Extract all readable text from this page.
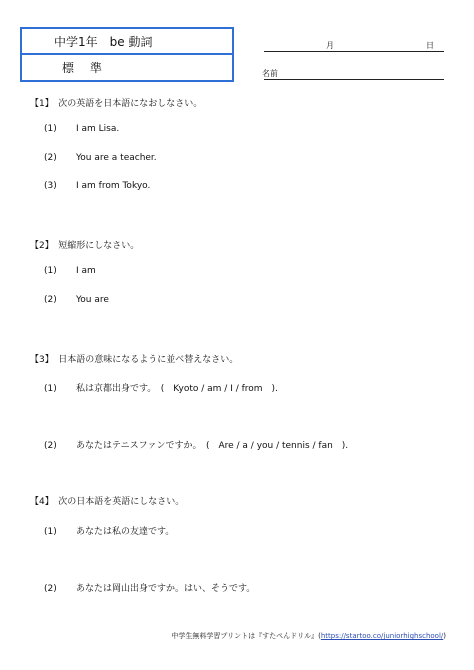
中学1年　be 動詞
標 準
月	日
名前
【1】　次の英語を日本語になおしなさい。
(1) I am Lisa.
(2) You are a teacher.
(3) I am from Tokyo.
【2】　短縮形にしなさい。
(1) I am
(2) You are
【3】　日本語の意味になるように並べ替えなさい。
(1) 私は京都出身です。　(　Kyoto / am / I / from　).
(2) あなたはテニスファンですか。　(　Are / a / you / tennis / fan　).
【4】　次の日本語を英語にしなさい。
(1) あなたは私の友達です。
(2) あなたは岡山出身ですか。はい、そうです。
中学生無料学習プリントは『すたぺんドリル』(https://startoo.co/juniorhighschool/)
